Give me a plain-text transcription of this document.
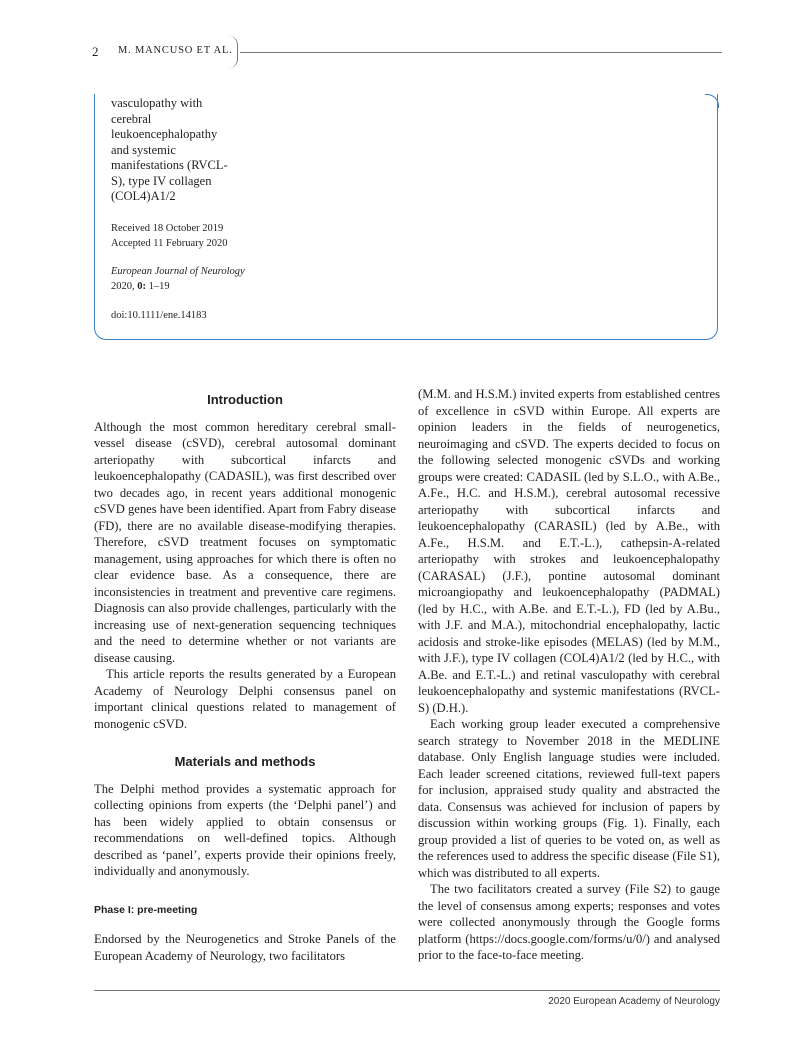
2 M. MANCUSO ET AL.

vasculopathy with
cerebral
leukoencephalopathy
and systemic
manifestations (RVCL-
S), type IV collagen
(COL4)A1/2

Received 18 October 2019

Accepted 11 February 2020

European Journal of Neurology 2020, 0: 1–19

doi:10.1111/ene.14183

Introduction

Although the most common hereditary cerebral small-vessel disease (cSVD), cerebral autosomal dominant arteriopathy with subcortical infarcts and leukoencephalopathy (CADASIL), was first described over two decades ago, in recent years additional monogenic cSVD genes have been identified. Apart from Fabry disease (FD), there are no available disease-modifying therapies. Therefore, cSVD treatment focuses on symptomatic management, using approaches for which there is often no clear evidence base. As a consequence, there are inconsistencies in treatment and preventive care regimens. Diagnosis can also provide challenges, particularly with the increasing use of next-generation sequencing techniques and the need to determine whether or not variants are disease causing.

This article reports the results generated by a European Academy of Neurology Delphi consensus panel on important clinical questions related to management of monogenic cSVD.

Materials and methods

The Delphi method provides a systematic approach for collecting opinions from experts (the ‘Delphi panel’) and has been widely applied to obtain consensus or recommendations on well-defined topics. Although described as ‘panel’, experts provide their opinions freely, individually and anonymously.

Phase I: pre-meeting

Endorsed by the Neurogenetics and Stroke Panels of the European Academy of Neurology, two facilitators

(M.M. and H.S.M.) invited experts from established centres of excellence in cSVD within Europe. All experts are opinion leaders in the fields of neurogenetics, neuroimaging and cSVD. The experts decided to focus on the following selected monogenic cSVDs and working groups were created: CADASIL (led by S.L.O., with A.Be., A.Fe., H.C. and H.S.M.), cerebral autosomal recessive arteriopathy with subcortical infarcts and leukoencephalopathy (CARASIL) (led by A.Be., with A.Fe., H.S.M. and E.T.-L.), cathepsin-A-related arteriopathy with strokes and leukoencephalopathy (CARASAL) (J.F.), pontine autosomal dominant microangiopathy and leukoencephalopathy (PADMAL) (led by H.C., with A.Be. and E.T.-L.), FD (led by A.Bu., with J.F. and M.A.), mitochondrial encephalopathy, lactic acidosis and stroke-like episodes (MELAS) (led by M.M., with J.F.), type IV collagen (COL4)A1/2 (led by H.C., with A.Be. and E.T.-L.) and retinal vasculopathy with cerebral leukoencephalopathy and systemic manifestations (RVCL-S) (D.H.).

Each working group leader executed a comprehensive search strategy to November 2018 in the MEDLINE database. Only English language studies were included. Each leader screened citations, reviewed full-text papers for inclusion, appraised study quality and abstracted the data. Consensus was achieved for inclusion of papers by discussion within working groups (Fig. 1). Finally, each group provided a list of queries to be voted on, as well as the references used to address the specific disease (File S1), which was distributed to all experts.

The two facilitators created a survey (File S2) to gauge the level of consensus among experts; responses and votes were collected anonymously through the Google forms platform (https://docs.google.com/forms/u/0/) and analysed prior to the face-to-face meeting.

2020 European Academy of Neurology
